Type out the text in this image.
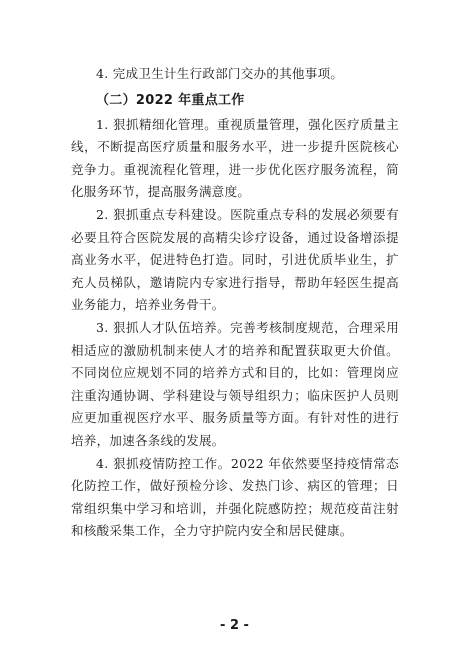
4. 完成卫生计生行政部门交办的其他事项。

（二）2022 年重点工作

1. 狠抓精细化管理。重视质量管理，强化医疗质量主线，不断提高医疗质量和服务水平，进一步提升医院核心竞争力。重视流程化管理，进一步优化医疗服务流程，简化服务环节，提高服务满意度。

2. 狠抓重点专科建设。医院重点专科的发展必须要有必要且符合医院发展的高精尖诊疗设备，通过设备增添提高业务水平，促进特色打造。同时，引进优质毕业生，扩充人员梯队，邀请院内专家进行指导，帮助年轻医生提高业务能力，培养业务骨干。

3. 狠抓人才队伍培养。完善考核制度规范，合理采用相适应的激励机制来使人才的培养和配置获取更大价值。不同岗位应规划不同的培养方式和目的，比如：管理岗应注重沟通协调、学科建设与领导组织力；临床医护人员则应更加重视医疗水平、服务质量等方面。有针对性的进行培养，加速各条线的发展。

4. 狠抓疫情防控工作。2022 年依然要坚持疫情常态化防控工作，做好预检分诊、发热门诊、病区的管理；日常组织集中学习和培训，并强化院感防控；规范疫苗注射和核酸采集工作，全力守护院内安全和居民健康。

- 2 -
